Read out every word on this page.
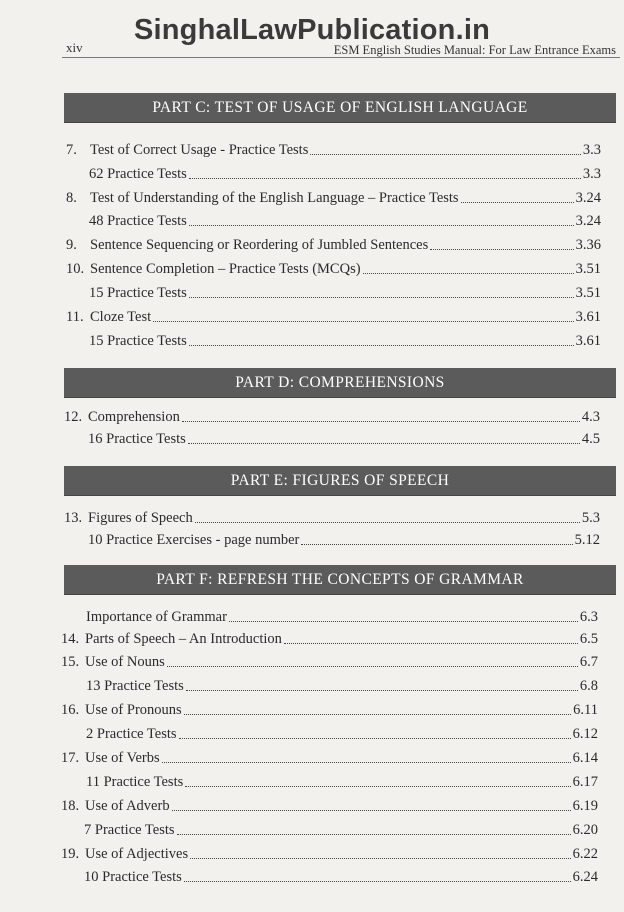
SinghalLawPublication.in
xiv	ESM English Studies Manual: For Law Entrance Exams
PART C: TEST OF USAGE OF ENGLISH LANGUAGE
7. Test of Correct Usage - Practice Tests	3.3
62 Practice Tests	3.3
8. Test of Understanding of the English Language – Practice Tests	3.24
48 Practice Tests	3.24
9. Sentence Sequencing or Reordering of Jumbled Sentences	3.36
10. Sentence Completion – Practice Tests (MCQs)	3.51
15 Practice Tests	3.51
11. Cloze Test	3.61
15 Practice Tests	3.61
PART D: COMPREHENSIONS
12. Comprehension	4.3
16 Practice Tests	4.5
PART E: FIGURES OF SPEECH
13. Figures of Speech	5.3
10 Practice Exercises - page number	5.12
PART F: REFRESH THE CONCEPTS OF GRAMMAR
Importance of Grammar	6.3
14. Parts of Speech – An Introduction	6.5
15. Use of Nouns	6.7
13 Practice Tests	6.8
16. Use of Pronouns	6.11
2 Practice Tests	6.12
17. Use of Verbs	6.14
11 Practice Tests	6.17
18. Use of Adverb	6.19
7 Practice Tests	6.20
19. Use of Adjectives	6.22
10 Practice Tests	6.24
